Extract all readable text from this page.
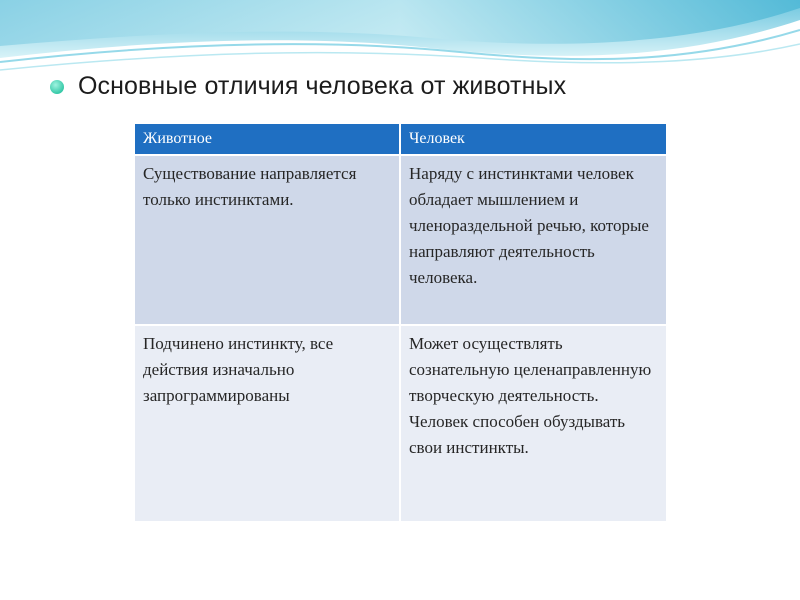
Основные отличия человека от животных
Животное	Человек
Существование направляется только инстинктами.	Наряду с инстинктами человек обладает мышлением и членораздельной речью, которые направляют деятельность человека.
Подчинено инстинкту, все действия изначально запрограммированы	Может осуществлять сознательную целенаправленную творческую деятельность. Человек способен обуздывать свои инстинкты.
